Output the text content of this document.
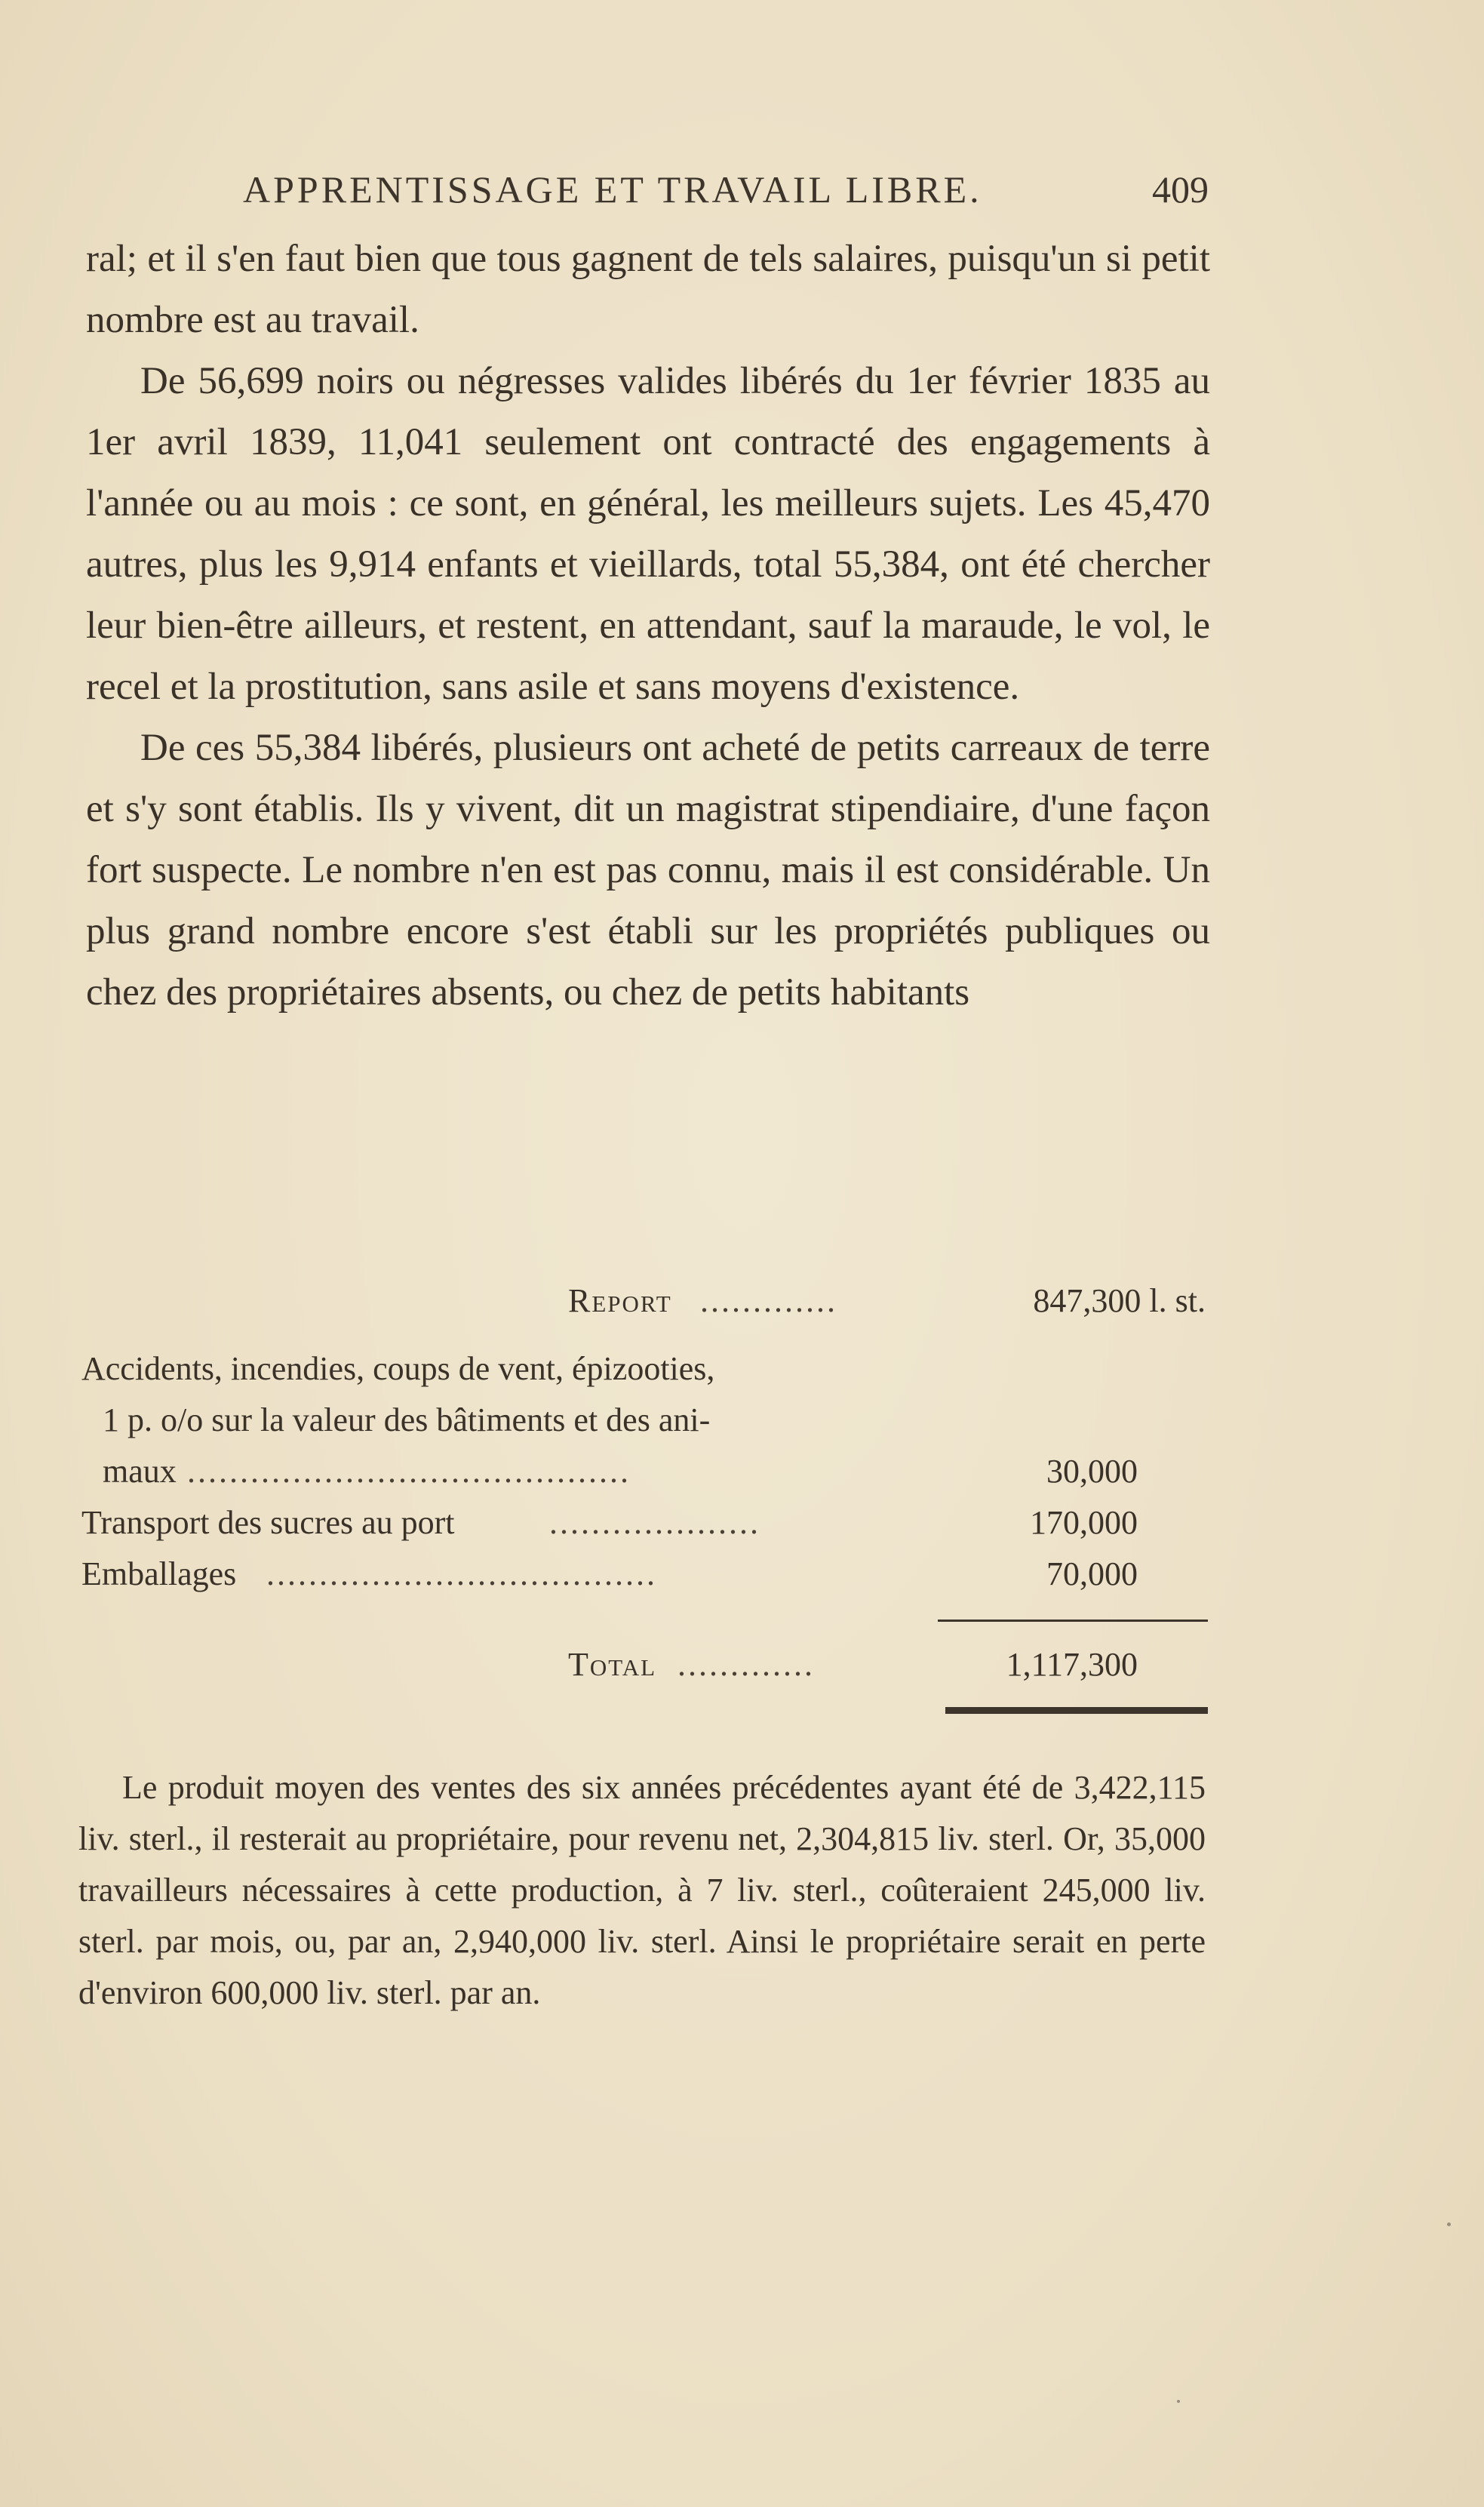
APPRENTISSAGE ET TRAVAIL LIBRE.	409

ral; et il s'en faut bien que tous gagnent de tels salaires, puisqu'un si petit nombre est au travail.

De 56,699 noirs ou négresses valides libérés du 1er février 1835 au 1er avril 1839, 11,041 seulement ont contracté des engagements à l'année ou au mois : ce sont, en général, les meilleurs sujets. Les 45,470 autres, plus les 9,914 enfants et vieillards, total 55,384, ont été chercher leur bien-être ailleurs, et restent, en attendant, sauf la maraude, le vol, le recel et la prostitution, sans asile et sans moyens d'existence.

De ces 55,384 libérés, plusieurs ont acheté de petits carreaux de terre et s'y sont établis. Ils y vivent, dit un magistrat stipendiaire, d'une façon fort suspecte. Le nombre n'en est pas connu, mais il est considérable. Un plus grand nombre encore s'est établi sur les propriétés publiques ou chez des propriétaires absents, ou chez de petits habitants

Report .............	847,300 l. st.
Accidents, incendies, coups de vent, épizooties,
1 p. o/o sur la valeur des bâtiments et des ani-
maux ..........................................	30,000
Transport des sucres au port	....................	170,000
Emballages .....................................	70,000
Total .............	1,117,300

Le produit moyen des ventes des six années précédentes ayant été de 3,422,115 liv. sterl., il resterait au propriétaire, pour revenu net, 2,304,815 liv. sterl. Or, 35,000 travailleurs nécessaires à cette production, à 7 liv. sterl., coûteraient 245,000 liv. sterl. par mois, ou, par an, 2,940,000 liv. sterl. Ainsi le propriétaire serait en perte d'environ 600,000 liv. sterl. par an.
